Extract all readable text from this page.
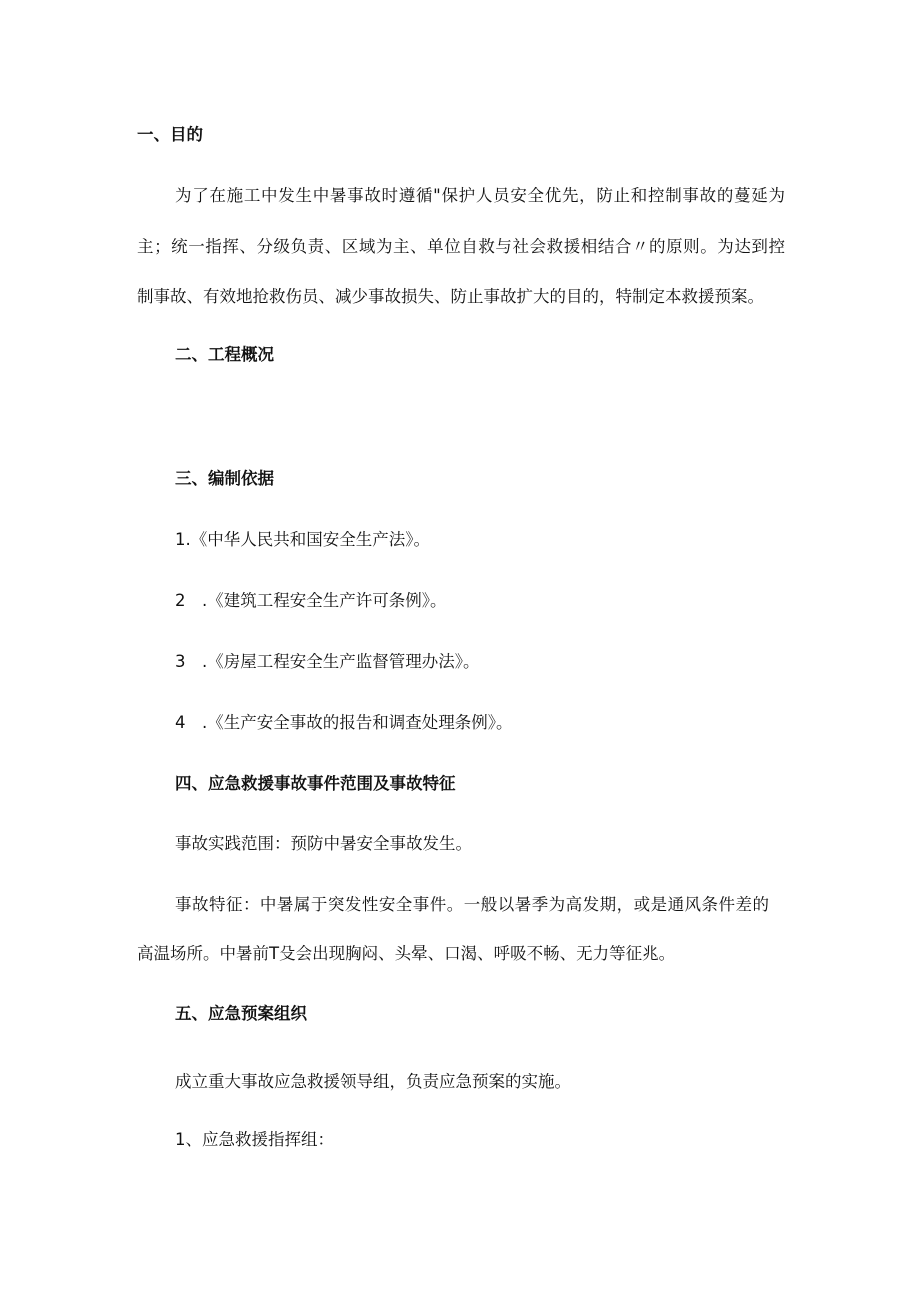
一、目的
为了在施工中发生中暑事故时遵循"保护人员安全优先，防止和控制事故的蔓延为
主；统一指挥、分级负责、区域为主、单位自救与社会救援相结合〃的原则。为达到控
制事故、有效地抢救伤员、减少事故损失、防止事故扩大的目的，特制定本救援预案。
二、工程概况
三、编制依据
1.《中华人民共和国安全生产法》。
2　.《建筑工程安全生产许可条例》。
3　.《房屋工程安全生产监督管理办法》。
4　.《生产安全事故的报告和调查处理条例》。
四、应急救援事故事件范围及事故特征
事故实践范围：预防中暑安全事故发生。
事故特征：中暑属于突发性安全事件。一般以暑季为高发期，或是通风条件差的
高温场所。中暑前T殳会出现胸闷、头晕、口渴、呼吸不畅、无力等征兆。
五、应急预案组织
成立重大事故应急救援领导组，负责应急预案的实施。
1、应急救援指挥组：
